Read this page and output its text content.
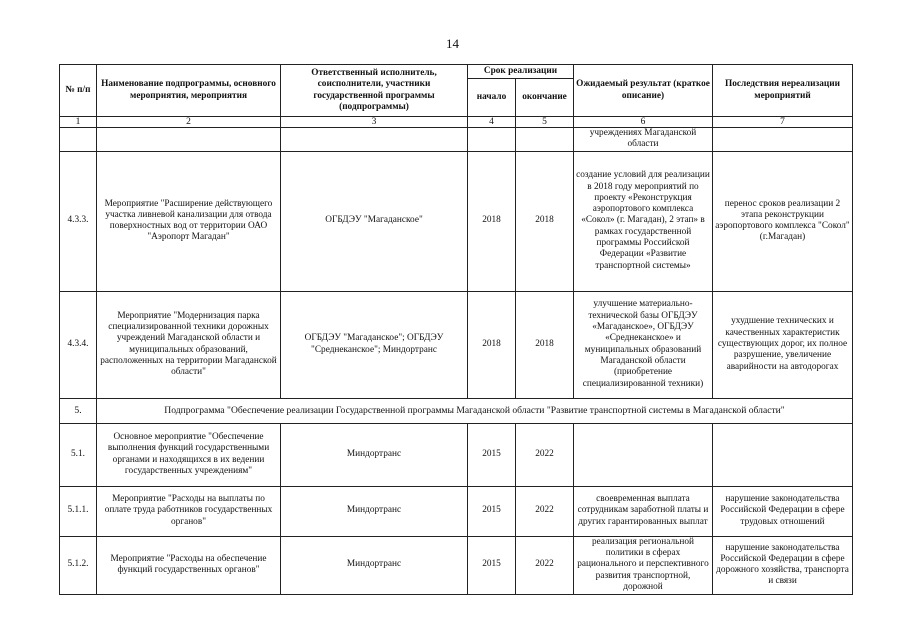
14
№ п/п	Наименование подпрограммы, основного мероприятия, мероприятия	Ответственный исполнитель, соисполнители, участники государственной программы (подпрограммы)	Срок реализации		Ожидаемый результат (краткое описание)	Последствия нереализации мероприятий
			начало	окончание		
1	2	3	4	5	6	7
					учреждениях Магаданской области	
4.3.3.	Мероприятие "Расширение действующего участка ливневой канализации для отвода поверхностных вод от территории ОАО "Аэропорт Магадан"	ОГБДЭУ "Магаданское"	2018	2018	создание условий для реализации в 2018 году мероприятий по проекту «Реконструкция аэропортового комплекса «Сокол» (г. Магадан), 2 этап» в рамках государственной программы Российской Федерации «Развитие транспортной системы»	перенос сроков реализации 2 этапа реконструкции аэропортового комплекса "Сокол" (г.Магадан)
4.3.4.	Мероприятие "Модернизация парка специализированной техники дорожных учреждений Магаданской области и муниципальных образований, расположенных на территории Магаданской области"	ОГБДЭУ "Магаданское"; ОГБДЭУ "Среднеканское"; Миндортранс	2018	2018	улучшение материально-технической базы ОГБДЭУ «Магаданское», ОГБДЭУ «Среднеканское» и муниципальных образований Магаданской области (приобретение специализированной техники)	ухудшение технических и качественных характеристик существующих дорог, их полное разрушение, увеличение аварийности на автодорогах
5.	Подпрограмма "Обеспечение реализации Государственной программы Магаданской области "Развитие транспортной системы в Магаданской области"					
5.1.	Основное мероприятие "Обеспечение выполнения функций государственными органами и находящихся в их ведении государственных учреждениям"	Миндортранс	2015	2022		
5.1.1.	Мероприятие "Расходы на выплаты по оплате труда работников государственных органов"	Миндортранс	2015	2022	своевременная выплата сотрудникам заработной платы и других гарантированных выплат	нарушение законодательства Российской Федерации в сфере трудовых отношений
5.1.2.	Мероприятие "Расходы на обеспечение функций государственных органов"	Миндортранс	2015	2022	реализация региональной политики в сферах рационального и перспективного развития транспортной, дорожной	нарушение законодательства Российской Федерации в сфере дорожного хозяйства, транспорта и связи
